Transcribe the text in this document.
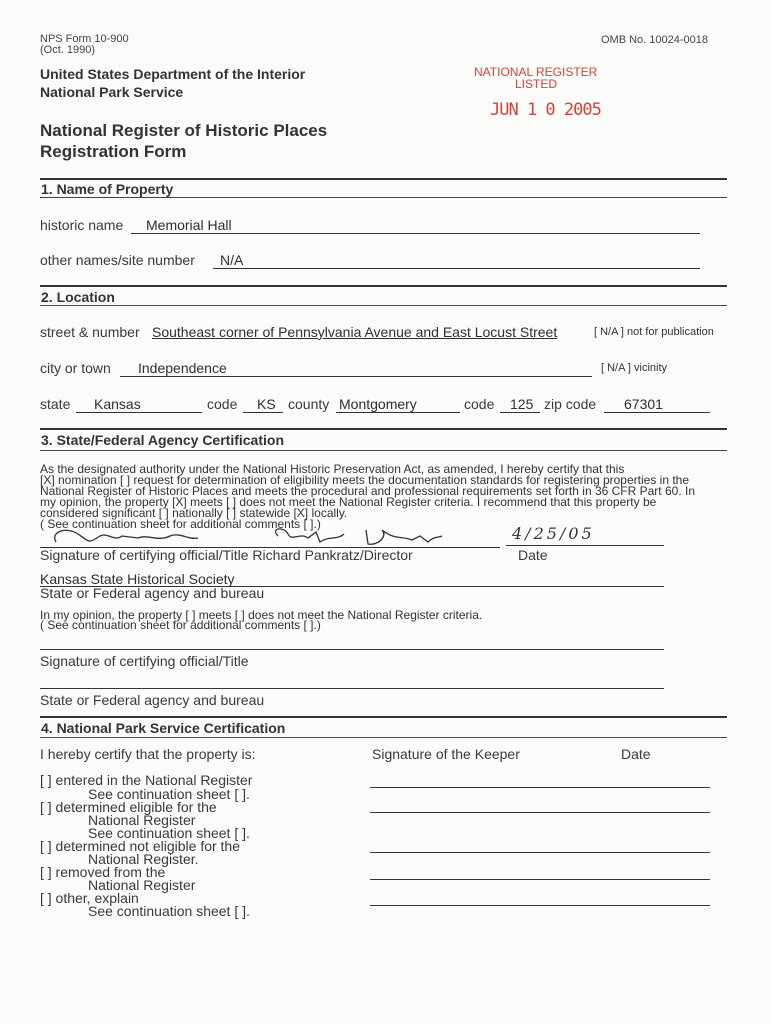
NPS Form 10-900
(Oct. 1990)
OMB No. 10024-0018
United States Department of the Interior
National Park Service
NATIONAL REGISTER
LISTED
JUN 1 0 2005
National Register of Historic Places
Registration Form
1. Name of Property
historic name Memorial Hall
other names/site number N/A
2. Location
street & number Southeast corner of Pennsylvania Avenue and East Locust Street	[ N/A ] not for publication
city or town Independence	[ N/A ] vicinity
state Kansas	code KS county Montgomery	code 125 zip code 67301
3. State/Federal Agency Certification
As the designated authority under the National Historic Preservation Act, as amended, I hereby certify that this
[X] nomination [ ] request for determination of eligibility meets the documentation standards for registering properties in the
National Register of Historic Places and meets the procedural and professional requirements set forth in 36 CFR Part 60. In
my opinion, the property [X] meets [ ] does not meet the National Register criteria. I recommend that this property be
considered significant [ ] nationally [ ] statewide [X] locally.
( See continuation sheet for additional comments [ ].)
Signature of certifying official/Title Richard Pankratz/Director
4/25/05
Date
Kansas State Historical Society
State or Federal agency and bureau
In my opinion, the property [ ] meets [ ] does not meet the National Register criteria.
( See continuation sheet for additional comments [ ].)
Signature of certifying official/Title
State or Federal agency and bureau
4. National Park Service Certification
I hereby certify that the property is:	Signature of the Keeper	Date
[ ] entered in the National Register
See continuation sheet [ ].
[ ] determined eligible for the
National Register
See continuation sheet [ ].
[ ] determined not eligible for the
National Register.
[ ] removed from the
National Register
[ ] other, explain
See continuation sheet [ ].
